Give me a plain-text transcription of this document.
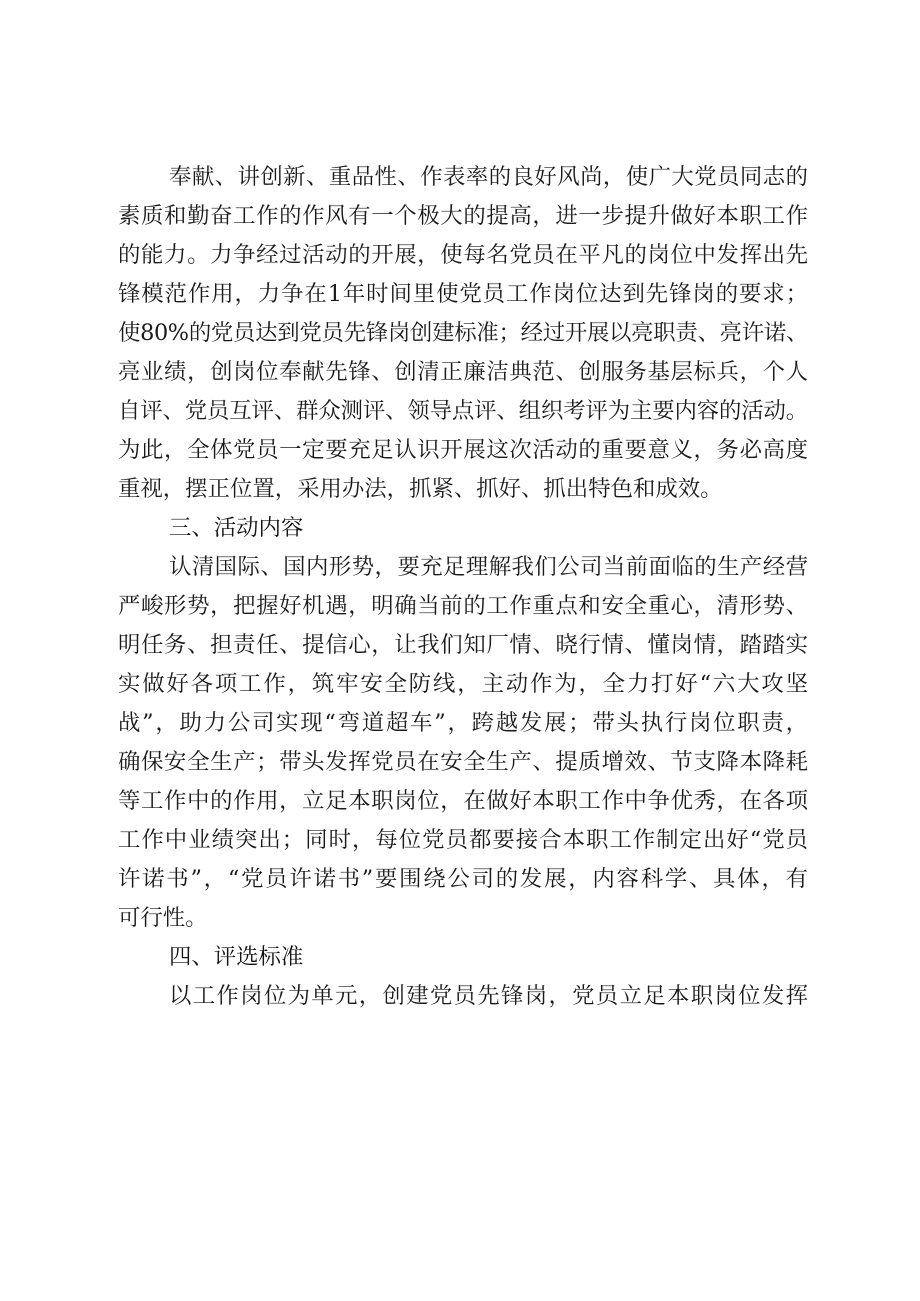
奉献、讲创新、重品性、作表率的良好风尚，使广大党员同志的
素质和勤奋工作的作风有一个极大的提高，进一步提升做好本职工作
的能力。力争经过活动的开展，使每名党员在平凡的岗位中发挥出先
锋模范作用，力争在1年时间里使党员工作岗位达到先锋岗的要求；
使80%的党员达到党员先锋岗创建标准；经过开展以亮职责、亮许诺、
亮业绩，创岗位奉献先锋、创清正廉洁典范、创服务基层标兵，个人
自评、党员互评、群众测评、领导点评、组织考评为主要内容的活动。
为此，全体党员一定要充足认识开展这次活动的重要意义，务必高度
重视，摆正位置，采用办法，抓紧、抓好、抓出特色和成效。
三、活动内容
认清国际、国内形势，要充足理解我们公司当前面临的生产经营
严峻形势，把握好机遇，明确当前的工作重点和安全重心，清形势、
明任务、担责任、提信心，让我们知厂情、晓行情、懂岗情，踏踏实
实做好各项工作，筑牢安全防线，主动作为，全力打好“六大攻坚
战”，助力公司实现“弯道超车”，跨越发展；带头执行岗位职责，
确保安全生产；带头发挥党员在安全生产、提质增效、节支降本降耗
等工作中的作用，立足本职岗位，在做好本职工作中争优秀，在各项
工作中业绩突出；同时，每位党员都要接合本职工作制定出好“党员
许诺书”，“党员许诺书”要围绕公司的发展，内容科学、具体，有
可行性。
四、评选标准
以工作岗位为单元，创建党员先锋岗，党员立足本职岗位发挥
